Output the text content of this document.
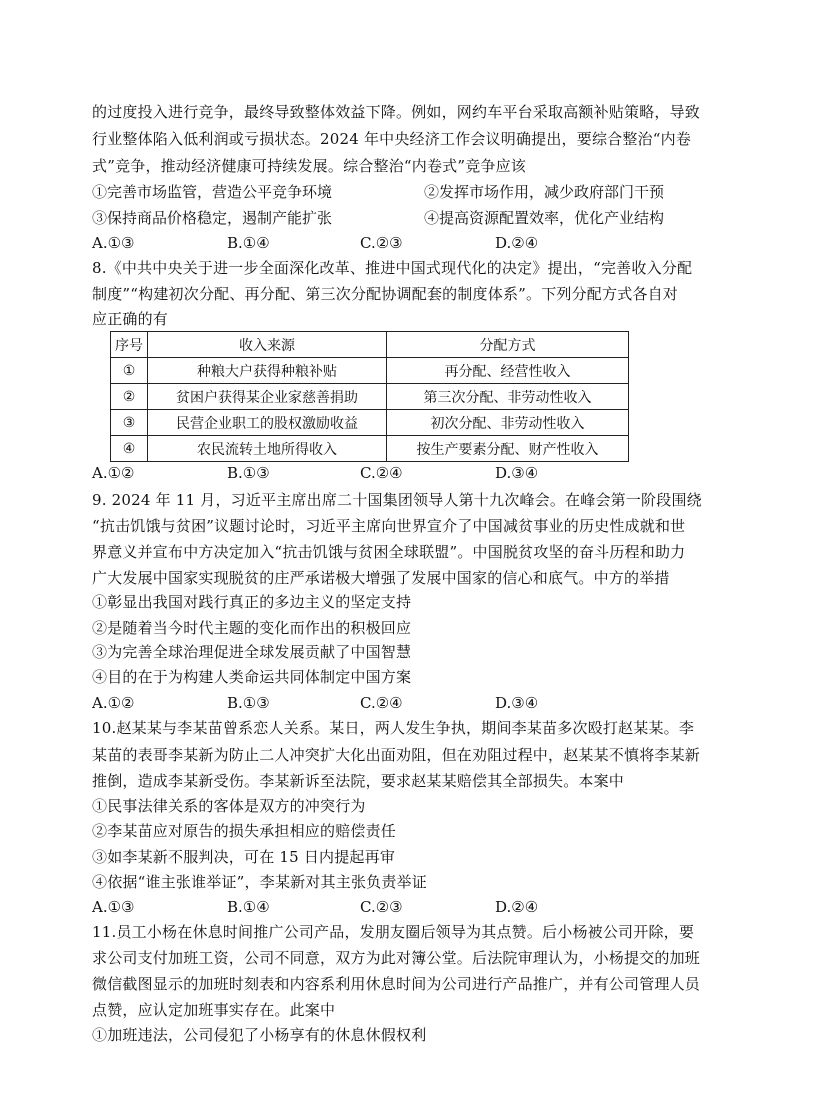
的过度投入进行竞争，最终导致整体效益下降。例如，网约车平台采取高额补贴策略，导致
行业整体陷入低利润或亏损状态。2024 年中央经济工作会议明确提出，要综合整治“内卷
式”竞争，推动经济健康可持续发展。综合整治“内卷式”竞争应该
①完善市场监管，营造公平竞争环境	②发挥市场作用，减少政府部门干预
③保持商品价格稳定，遏制产能扩张	④提高资源配置效率，优化产业结构
A.①③	B.①④	C.②③	D.②④
8.《中共中央关于进一步全面深化改革、推进中国式现代化的决定》提出，“完善收入分配
制度”“构建初次分配、再分配、第三次分配协调配套的制度体系”。下列分配方式各自对
应正确的有
序号	收入来源	分配方式
①	种粮大户获得种粮补贴	再分配、经营性收入
②	贫困户获得某企业家慈善捐助	第三次分配、非劳动性收入
③	民营企业职工的股权激励收益	初次分配、非劳动性收入
④	农民流转土地所得收入	按生产要素分配、财产性收入
A.①②	B.①③	C.②④	D.③④
9. 2024 年 11 月，习近平主席出席二十国集团领导人第十九次峰会。在峰会第一阶段围绕
“抗击饥饿与贫困”议题讨论时，习近平主席向世界宣介了中国减贫事业的历史性成就和世
界意义并宣布中方决定加入“抗击饥饿与贫困全球联盟”。中国脱贫攻坚的奋斗历程和助力
广大发展中国家实现脱贫的庄严承诺极大增强了发展中国家的信心和底气。中方的举措
①彰显出我国对践行真正的多边主义的坚定支持
②是随着当今时代主题的变化而作出的积极回应
③为完善全球治理促进全球发展贡献了中国智慧
④目的在于为构建人类命运共同体制定中国方案
A.①②	B.①③	C.②④	D.③④
10.赵某某与李某苗曾系恋人关系。某日，两人发生争执，期间李某苗多次殴打赵某某。李
某苗的表哥李某新为防止二人冲突扩大化出面劝阻，但在劝阻过程中，赵某某不慎将李某新
推倒，造成李某新受伤。李某新诉至法院，要求赵某某赔偿其全部损失。本案中
①民事法律关系的客体是双方的冲突行为
②李某苗应对原告的损失承担相应的赔偿责任
③如李某新不服判决，可在 15 日内提起再审
④依据“谁主张谁举证”，李某新对其主张负责举证
A.①③	B.①④	C.②③	D.②④
11.员工小杨在休息时间推广公司产品，发朋友圈后领导为其点赞。后小杨被公司开除，要
求公司支付加班工资，公司不同意，双方为此对簿公堂。后法院审理认为，小杨提交的加班
微信截图显示的加班时刻表和内容系利用休息时间为公司进行产品推广，并有公司管理人员
点赞，应认定加班事实存在。此案中
①加班违法，公司侵犯了小杨享有的休息休假权利
